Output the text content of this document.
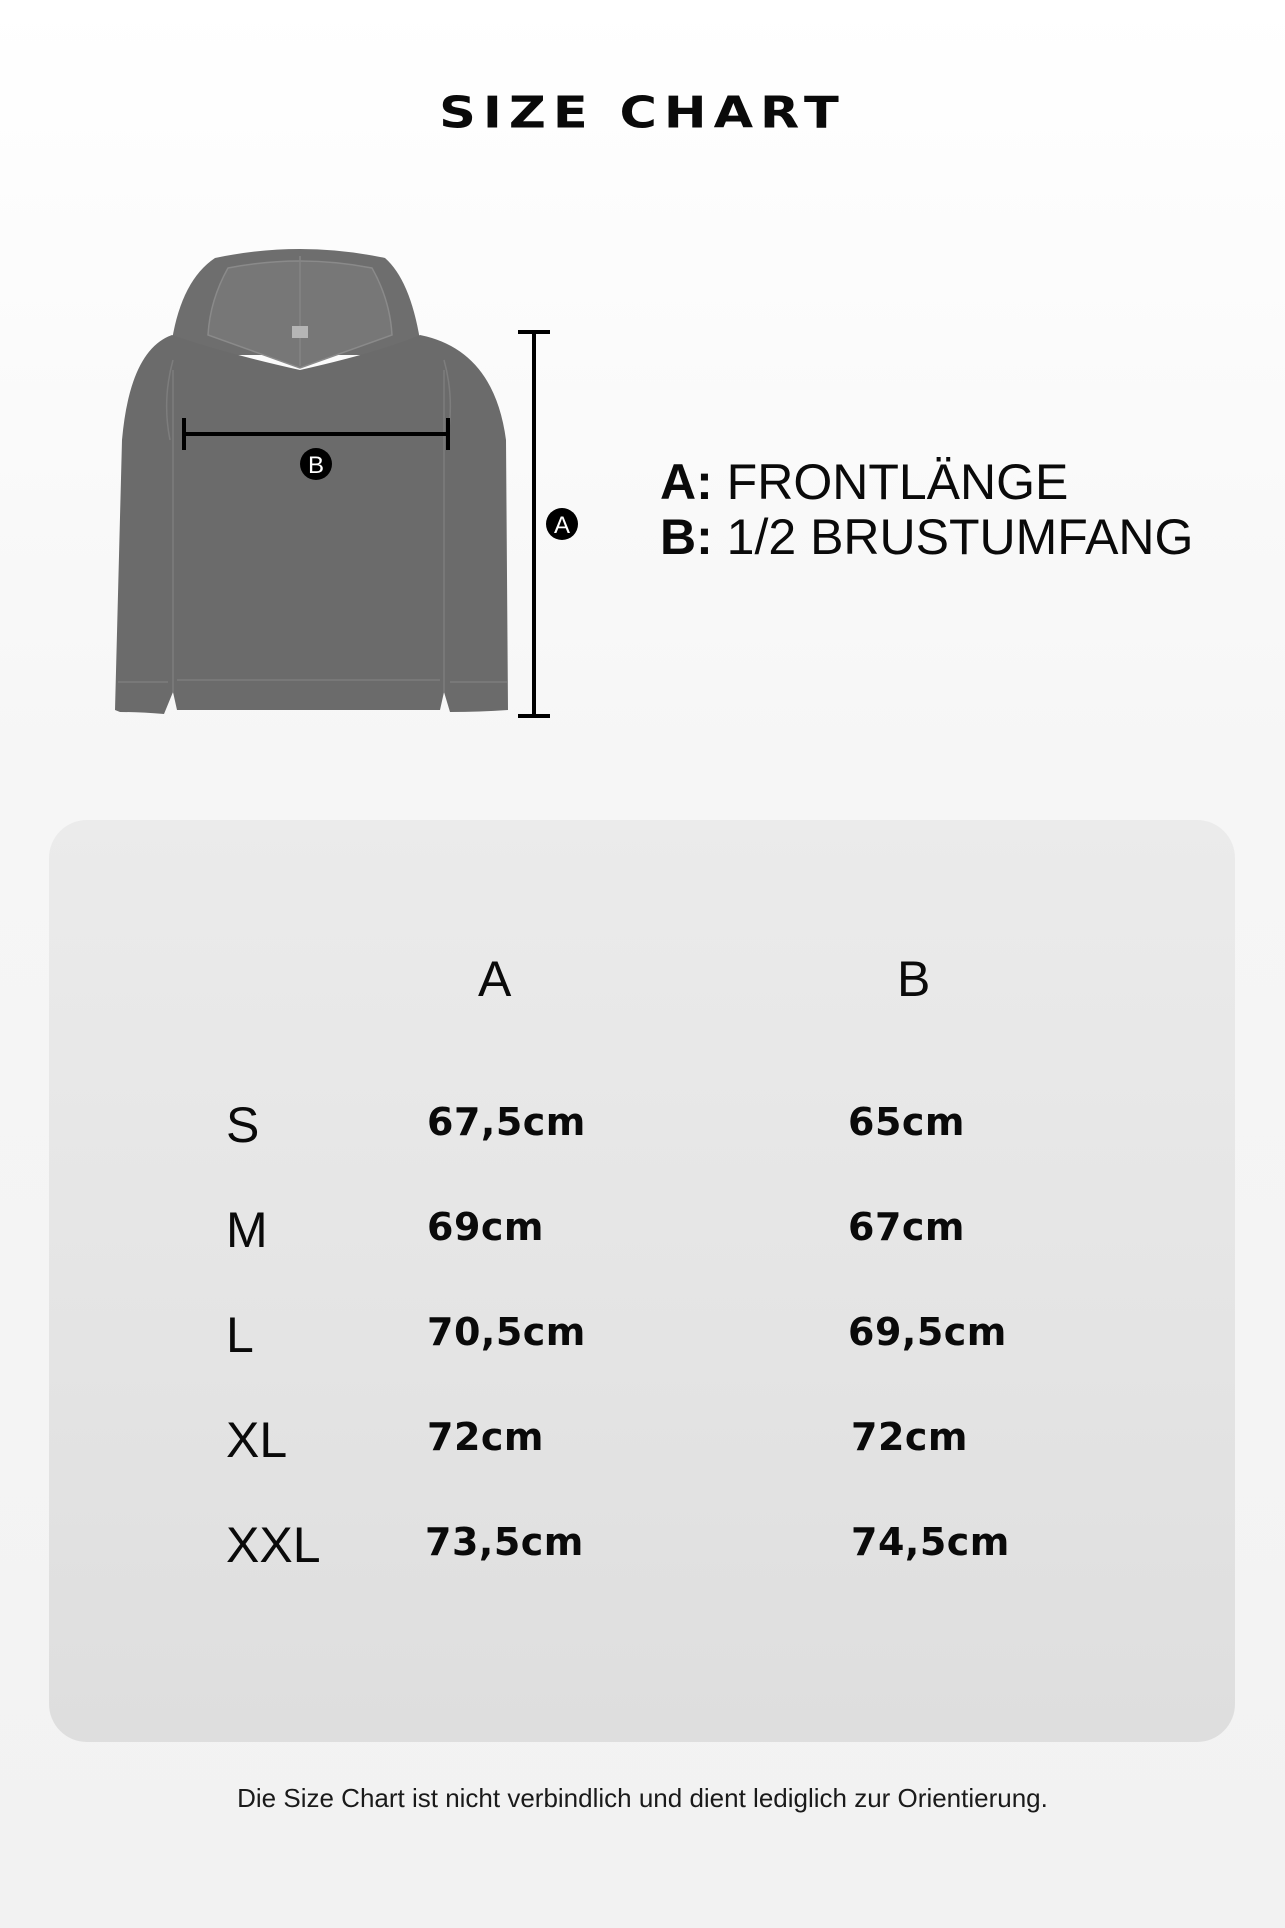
SIZE CHART
B
A
A: FRONTLÄNGE
B: 1/2 BRUSTUMFANG
A	B
S	67,5cm	65cm
M	69cm	67cm
L	70,5cm	69,5cm
XL	72cm	72cm
XXL	73,5cm	74,5cm
Die Size Chart ist nicht verbindlich und dient lediglich zur Orientierung.
